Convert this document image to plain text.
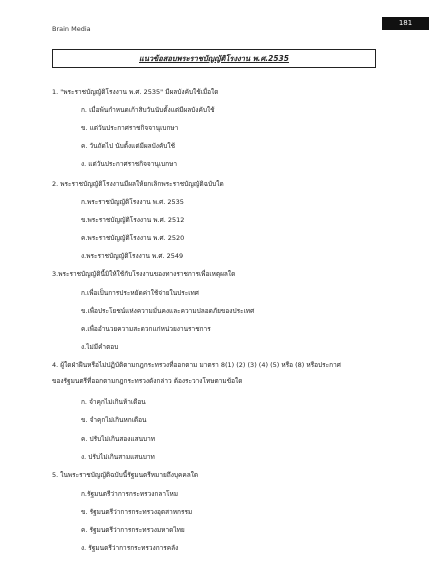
Brain Media
181
แนวข้อสอบพระราชบัญญัติโรงงาน พ.ศ.2535
1. "พระราชบัญญัติโรงงาน พ.ศ. 2535" มีผลบังคับใช้เมื่อใด
ก. เมื่อพ้นกำหนดเก้าสิบวันนับตั้งแต่มีผลบังคับใช้
ข. แต่วันประกาศราชกิจจานุเบกษา
ค. วันถัดไป นับตั้งแต่มีผลบังคับใช้
ง. แต่วันประกาศราชกิจจานุเบกษา
2. พระราชบัญญัติโรงงานมีผลให้ยกเลิกพระราชบัญญัติฉบับใด
ก.พระราชบัญญัติโรงงาน พ.ศ. 2535
ข.พระราชบัญญัติโรงงาน พ.ศ. 2512
ค.พระราชบัญญัติโรงงาน พ.ศ. 2520
ง.พระราชบัญญัติโรงงาน พ.ศ. 2549
3.พระราชบัญญัตินี้มิให้ใช้กับโรงงานของทางราชการเพื่อเหตุผลใด
ก.เพื่อเป็นการประหยัดค่าใช้จ่ายในประเทศ
ข.เพื่อประโยชน์แห่งความมั่นคงและความปลอดภัยของประเทศ
ค.เพื่ออำนวยความสะดวกแก่หน่วยงานราชการ
ง.ไม่มีคำตอบ
4. ผู้ใดฝ่าฝืนหรือไม่ปฏิบัติตามกฎกระทรวงที่ออกตาม มาตรา 8(1) (2) (3) (4) (5) หรือ (8) หรือประกาศ
ของรัฐมนตรีที่ออกตามกฎกระทรวงดังกล่าว ต้องระวางโทษตามข้อใด
ก. จำคุกไม่เกินห้าเดือน
ข. จำคุกไม่เกินหกเดือน
ค. ปรับไม่เกินสองแสนบาท
ง. ปรับไม่เกินสามแสนบาท
5. ในพระราชบัญญัติฉบับนี้รัฐมนตรีหมายถึงบุคคลใด
ก.รัฐมนตรีว่าการกระทรวงกลาโหม
ข. รัฐมนตรีว่าการกระทรวงอุตสาหกรรม
ค. รัฐมนตรีว่าการกระทรวงมหาดไทย
ง. รัฐมนตรีว่าการกระทรวงการคลัง
